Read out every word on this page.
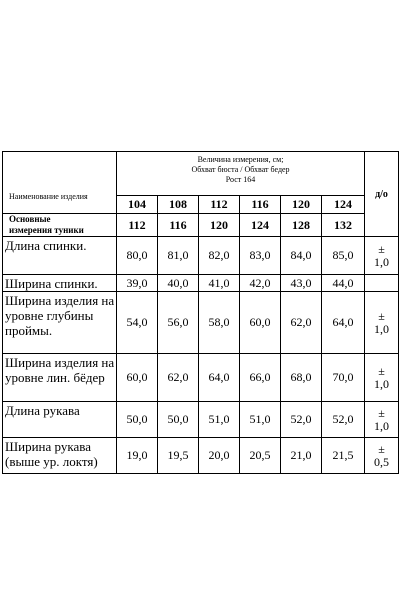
Наименование изделия	Величина измерения, см;
Обхват бюста / Обхват бедер
Рост 164						д/о
	104	108	112	116	120	124	

Основные
измерения туники	112	116	120	124	128	132	
Длина спинки.	80,0	81,0	82,0	83,0	84,0	85,0	±
1,0

Ширина спинки.	39,0	40,0	41,0	42,0	43,0	44,0	

Ширина изделия на уровне глубины проймы.	54,0	56,0	58,0	60,0	62,0	64,0	±
1,0

Ширина изделия на уровне лин. бёдер	60,0	62,0	64,0	66,0	68,0	70,0	±
1,0

Длина рукава	50,0	50,0	51,0	51,0	52,0	52,0	±
1,0

Ширина рукава (выше ур. локтя)	19,0	19,5	20,0	20,5	21,0	21,5	±
0,5
